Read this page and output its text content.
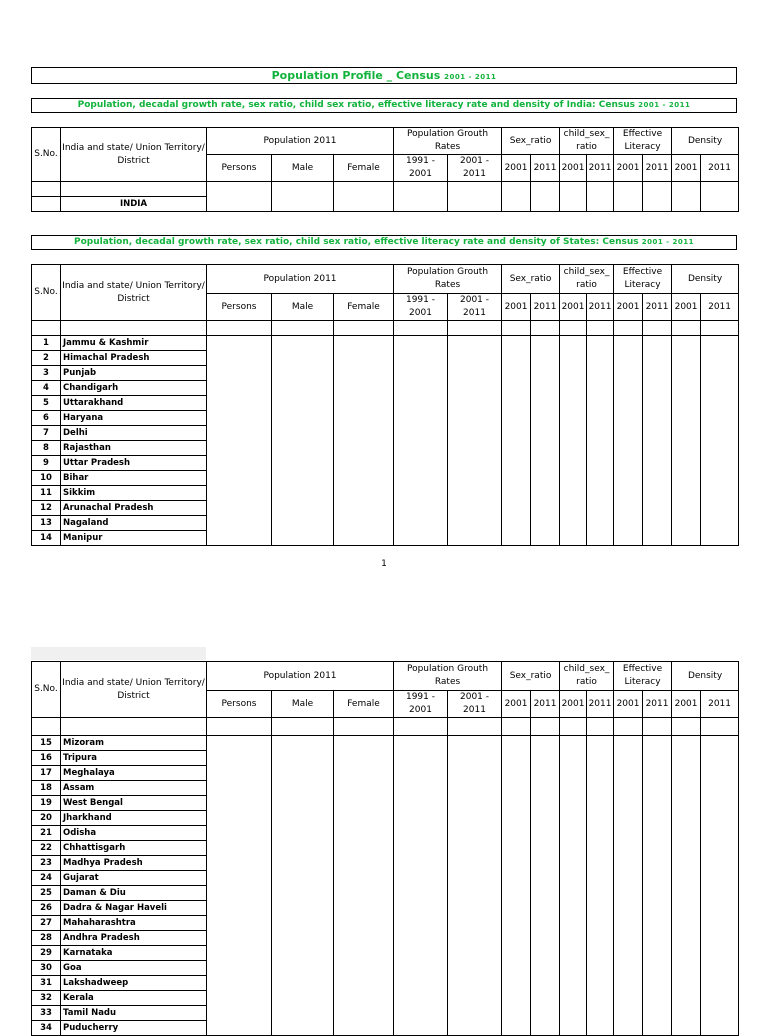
Population Profile _ Census 2001 - 2011
Population, decadal growth rate, sex ratio, child sex ratio, effective literacy rate and density of India: Census 2001 - 2011
S.No.	India and state/ Union Territory/ District	Population 2011			Population Grouth Rates		Sex_ratio		child_sex_ ratio		Effective Literacy		Density	
		Persons	Male	Female	1991 - 2001	2001 - 2011	2001	2011	2001	2011	2001	2011	2001	2011

	INDIA													
Population, decadal growth rate, sex ratio, child sex ratio, effective literacy rate and density of States: Census 2001 - 2011
S.No.	India and state/ Union Territory/ District	Population 2011			Population Grouth Rates		Sex_ratio		child_sex_ ratio		Effective Literacy		Density	
		Persons	Male	Female	1991 - 2001	2001 - 2011	2001	2011	2001	2011	2001	2011	2001	2011

1	Jammu & Kashmir													
2	Himachal Pradesh													
3	Punjab													
4	Chandigarh													
5	Uttarakhand													
6	Haryana													
7	Delhi													
8	Rajasthan													
9	Uttar Pradesh													
10	Bihar													
11	Sikkim													
12	Arunachal Pradesh													
13	Nagaland													
14	Manipur													
1
S.No.	India and state/ Union Territory/ District	Population 2011			Population Grouth Rates		Sex_ratio		child_sex_ ratio		Effective Literacy		Density	
		Persons	Male	Female	1991 - 2001	2001 - 2011	2001	2011	2001	2011	2001	2011	2001	2011

15	Mizoram													
16	Tripura													
17	Meghalaya													
18	Assam													
19	West Bengal													
20	Jharkhand													
21	Odisha													
22	Chhattisgarh													
23	Madhya Pradesh													
24	Gujarat													
25	Daman & Diu													
26	Dadra & Nagar Haveli													
27	Mahaharashtra													
28	Andhra Pradesh													
29	Karnataka													
30	Goa													
31	Lakshadweep													
32	Kerala													
33	Tamil Nadu													
34	Puducherry													
